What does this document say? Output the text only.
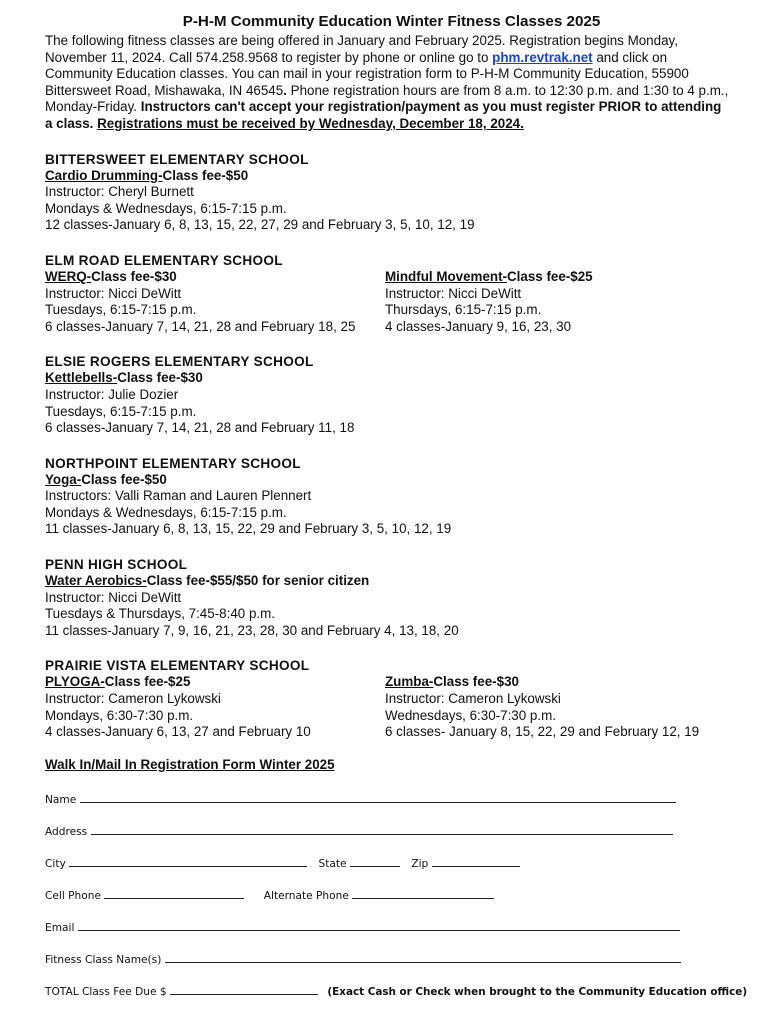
P-H-M Community Education Winter Fitness Classes 2025
The following fitness classes are being offered in January and February 2025. Registration begins Monday, November 11, 2024. Call 574.258.9568 to register by phone or online go to phm.revtrak.net and click on Community Education classes. You can mail in your registration form to P-H-M Community Education, 55900 Bittersweet Road, Mishawaka, IN 46545. Phone registration hours are from 8 a.m. to 12:30 p.m. and 1:30 to 4 p.m., Monday-Friday. Instructors can't accept your registration/payment as you must register PRIOR to attending a class. Registrations must be received by Wednesday, December 18, 2024.
BITTERSWEET ELEMENTARY SCHOOL
Cardio Drumming-Class fee-$50
Instructor: Cheryl Burnett
Mondays & Wednesdays, 6:15-7:15 p.m.
12 classes-January 6, 8, 13, 15, 22, 27, 29 and February 3, 5, 10, 12, 19
ELM ROAD ELEMENTARY SCHOOL
WERQ-Class fee-$30
Instructor: Nicci DeWitt
Tuesdays, 6:15-7:15 p.m.
6 classes-January 7, 14, 21, 28 and February 18, 25
Mindful Movement-Class fee-$25
Instructor: Nicci DeWitt
Thursdays, 6:15-7:15 p.m.
4 classes-January 9, 16, 23, 30
ELSIE ROGERS ELEMENTARY SCHOOL
Kettlebells-Class fee-$30
Instructor: Julie Dozier
Tuesdays, 6:15-7:15 p.m.
6 classes-January 7, 14, 21, 28 and February 11, 18
NORTHPOINT ELEMENTARY SCHOOL
Yoga-Class fee-$50
Instructors: Valli Raman and Lauren Plennert
Mondays & Wednesdays, 6:15-7:15 p.m.
11 classes-January 6, 8, 13, 15, 22, 29 and February 3, 5, 10, 12, 19
PENN HIGH SCHOOL
Water Aerobics-Class fee-$55/$50 for senior citizen
Instructor: Nicci DeWitt
Tuesdays & Thursdays, 7:45-8:40 p.m.
11 classes-January 7, 9, 16, 21, 23, 28, 30 and February 4, 13, 18, 20
PRAIRIE VISTA ELEMENTARY SCHOOL
PLYOGA-Class fee-$25
Instructor: Cameron Lykowski
Mondays, 6:30-7:30 p.m.
4 classes-January 6, 13, 27 and February 10
Zumba-Class fee-$30
Instructor: Cameron Lykowski
Wednesdays, 6:30-7:30 p.m.
6 classes- January 8, 15, 22, 29 and February 12, 19
Walk In/Mail In Registration Form Winter 2025
Name
Address
City	State	Zip
Cell Phone	Alternate Phone
Email
Fitness Class Name(s)
TOTAL Class Fee Due $	(Exact Cash or Check when brought to the Community Education office)
